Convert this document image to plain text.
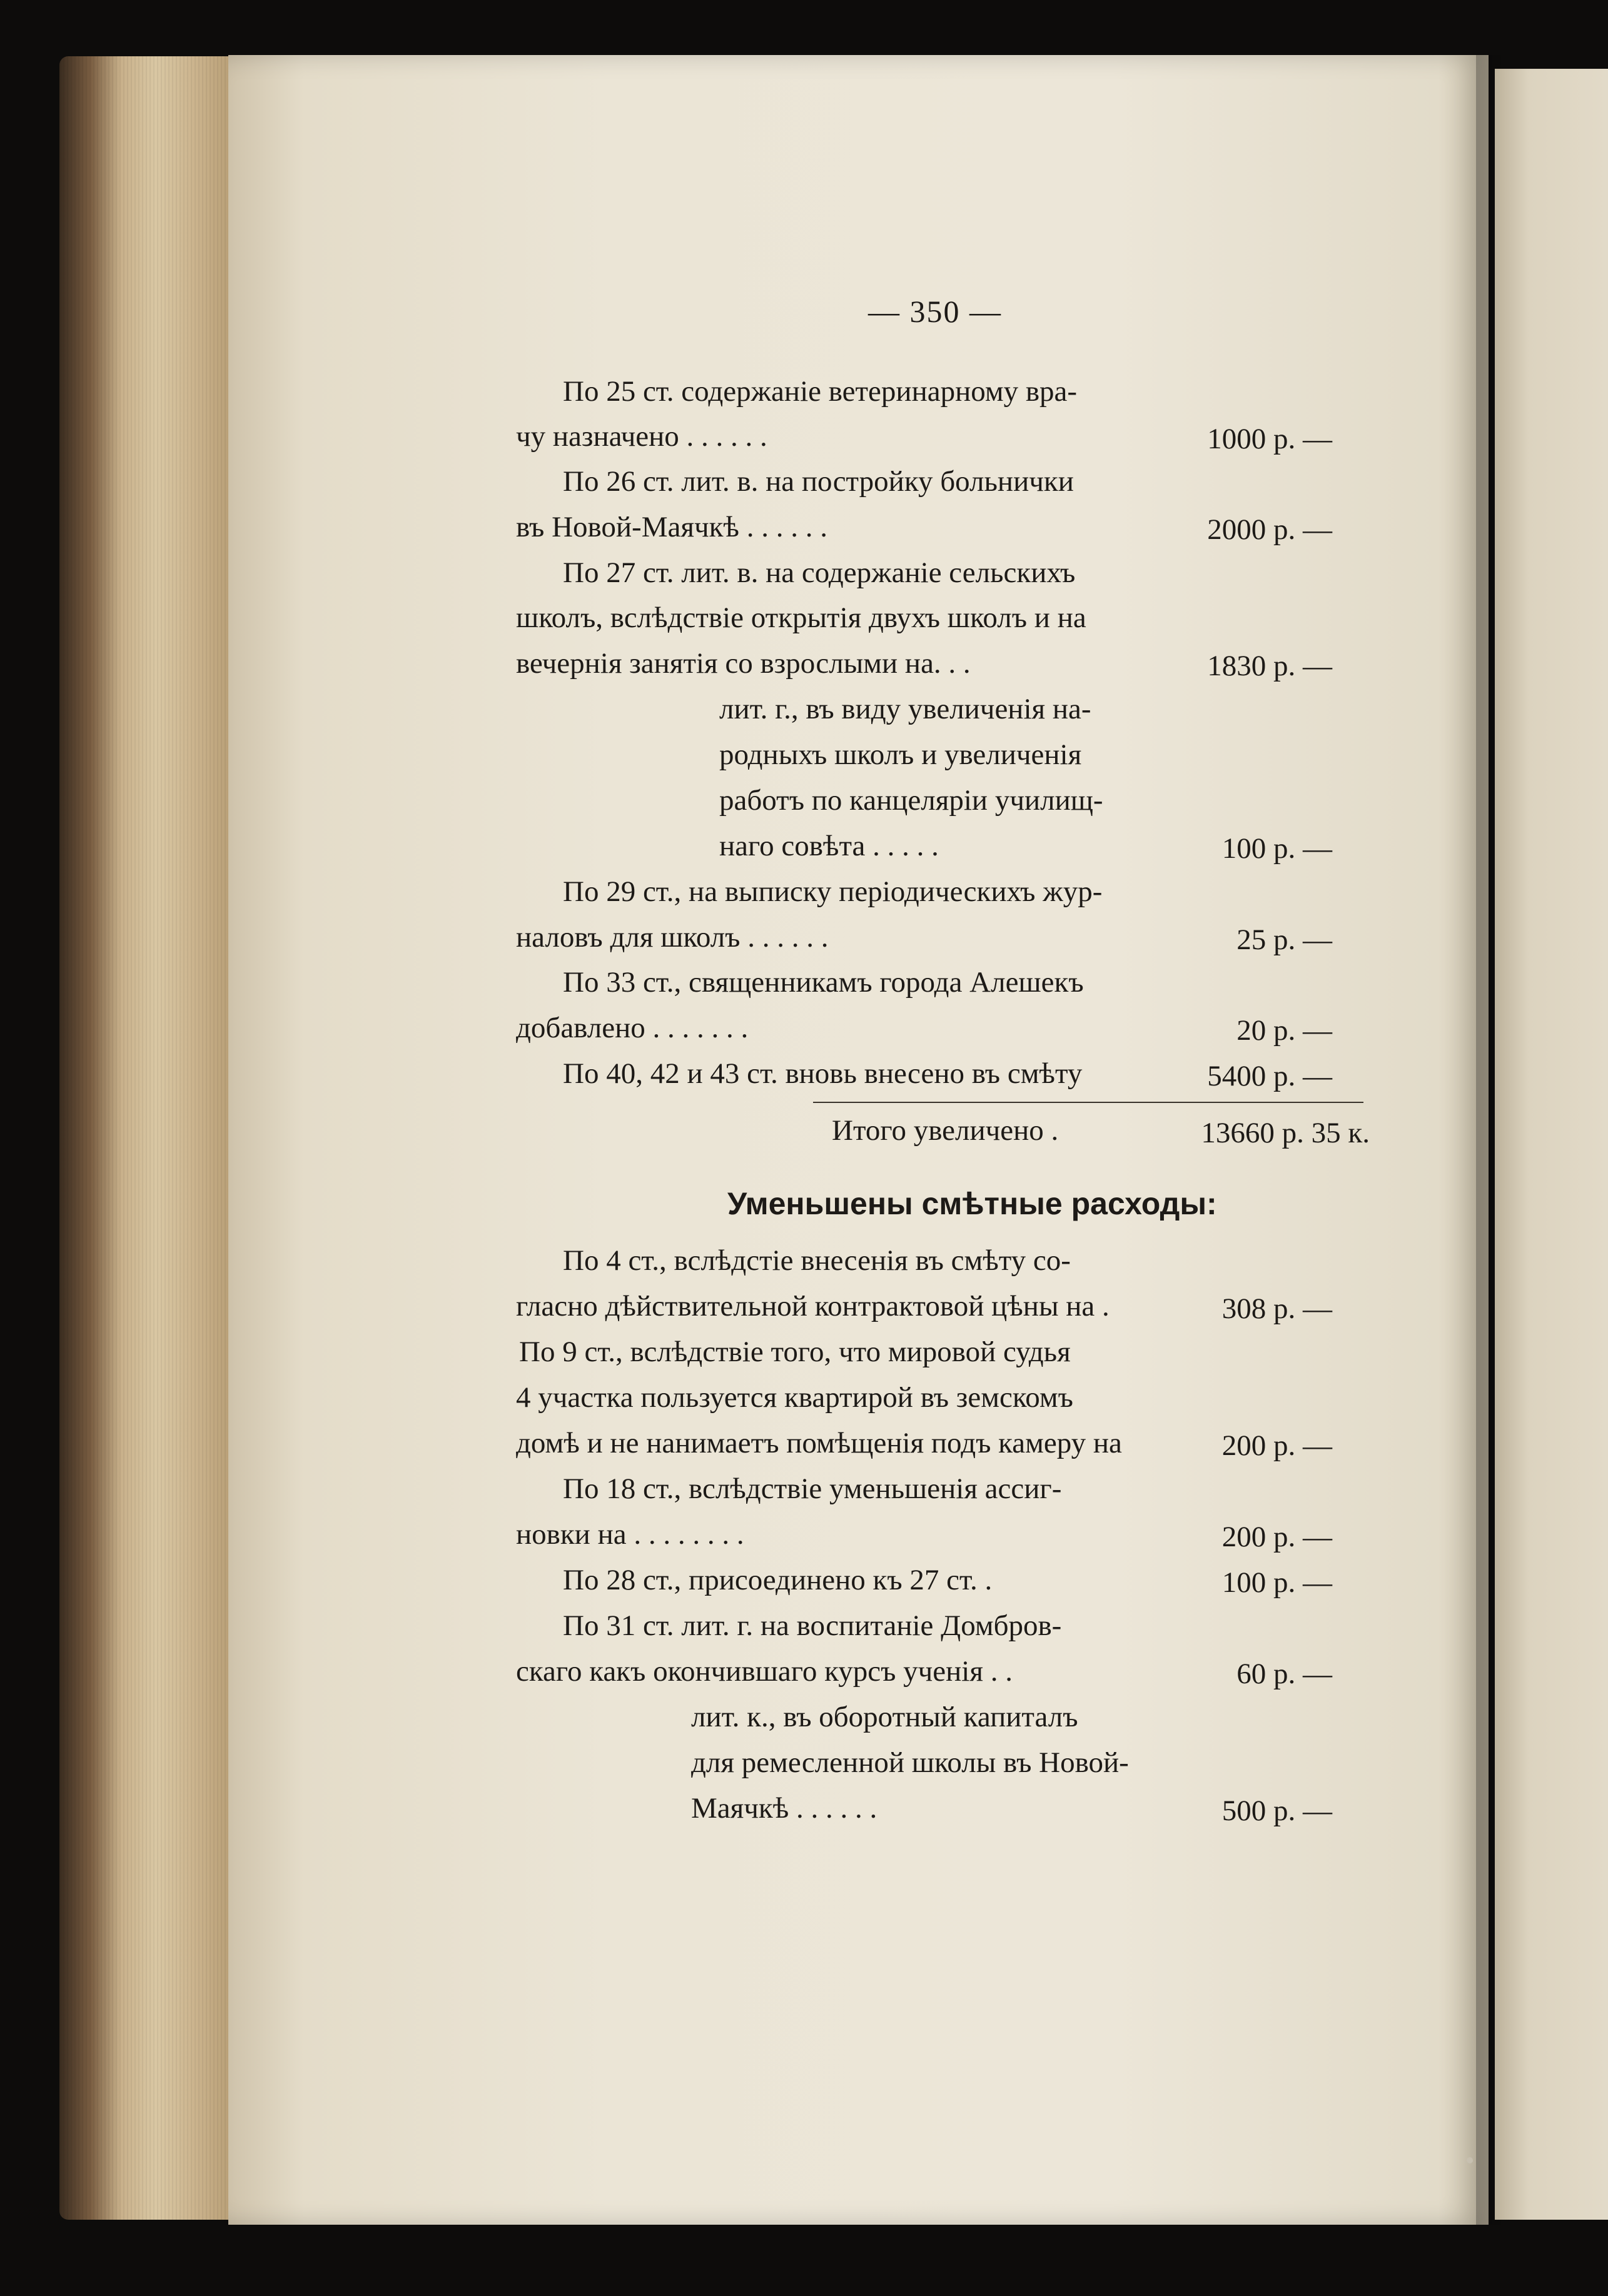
— 350 —
По 25 ст. содержаніе ветеринарному вра-
чу назначено . . . . . .	1000 р. —
По 26 ст. лит. в. на постройку больнички
въ Новой-Маячкѣ . . . . . .	2000 р. —
По 27 ст. лит. в. на содержаніе сельскихъ
школъ, вслѣдствіе открытія двухъ школъ и на
вечернія занятія со взрослыми на. . .	1830 р. —
лит. г., въ виду увеличенія на-
родныхъ школъ и увеличенія
работъ по канцеляріи училищ-
наго совѣта . . . . .	100 р. —
По 29 ст., на выписку періодическихъ жур-
наловъ для школъ . . . . . .	25 р. —
По 33 ст., священникамъ города Алешекъ
добавлено . . . . . . .	20 р. —
По 40, 42 и 43 ст. вновь внесено въ смѣту	5400 р. —
Итого увеличено .	13660 р. 35 к.
Уменьшены смѣтные расходы:
По 4 ст., вслѣдстіе внесенія въ смѣту со-
гласно дѣйствительной контрактовой цѣны на .	308 р. —
По 9 ст., вслѣдствіе того, что мировой судья
4 участка пользуется квартирой въ земскомъ
домѣ и не нанимаетъ помѣщенія подъ камеру на	200 р. —
По 18 ст., вслѣдствіе уменьшенія ассиг-
новки на . . . . . . . .	200 р. —
По 28 ст., присоединено къ 27 ст. .	100 р. —
По 31 ст. лит. г. на воспитаніе Домбров-
скаго какъ окончившаго курсъ ученія . .	60 р. —
лит. к., въ оборотный капиталъ
для ремесленной школы въ Новой-
Маячкѣ . . . . . .	500 р. —
